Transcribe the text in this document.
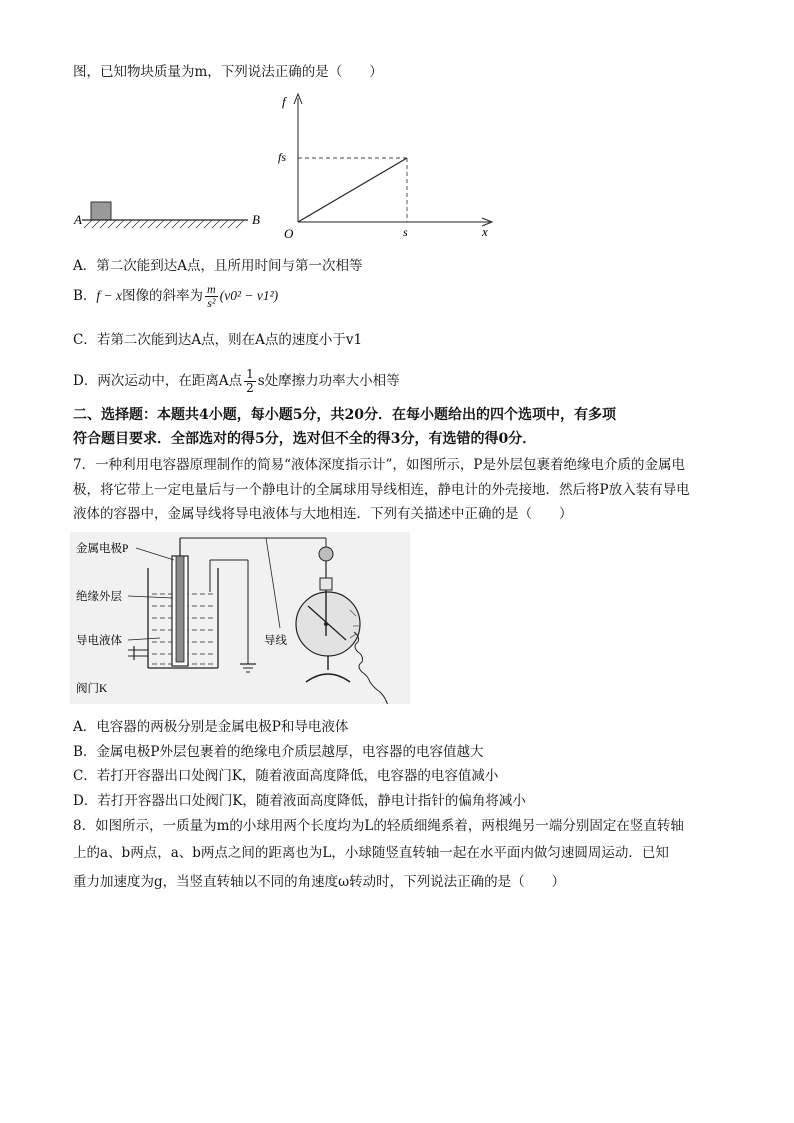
图，已知物块质量为m，下列说法正确的是（　　）
A	B
f
x
O
fs
s
A．第二次能到达A点，且所用时间与第一次相等
B．f − x图像的斜率为 $\frac{m}{\text{s²}} (v0^2 - v1^2)$
C．若第二次能到达A点，则在A点的速度小于v1
D．两次运动中，在距离A点 $\frac{1}{2}$ s处摩擦力功率大小相等
二、选择题：本题共4小题，每小题5分，共20分．在每小题给出的四个选项中，有多项
符合题目要求．全部选对的得5分，选对但不全的得3分，有选错的得0分．
7．一种利用电容器原理制作的简易“液体深度指示计”，如图所示，P是外层包裹着绝缘电介质的金属电
极，将它带上一定电量后与一个静电计的全属球用导线相连，静电计的外壳接地．然后将P放入装有导电
液体的容器中，金属导线将导电液体与大地相连．下列有关描述中正确的是（　　）
金属电极P
绝缘外层
导电液体
阀门K
导线
A．电容器的两极分别是金属电极P和导电液体
B．金属电极P外层包裹着的绝缘电介质层越厚，电容器的电容值越大
C．若打开容器出口处阀门K，随着液面高度降低，电容器的电容值减小
D．若打开容器出口处阀门K，随着液面高度降低，静电计指针的偏角将减小
8．如图所示，一质量为m的小球用两个长度均为L的轻质细绳系着，两根绳另一端分别固定在竖直转轴
上的a、b两点，a、b两点之间的距离也为L，小球随竖直转轴一起在水平面内做匀速圆周运动．已知
重力加速度为g，当竖直转轴以不同的角速度ω转动时，下列说法正确的是（　　）
